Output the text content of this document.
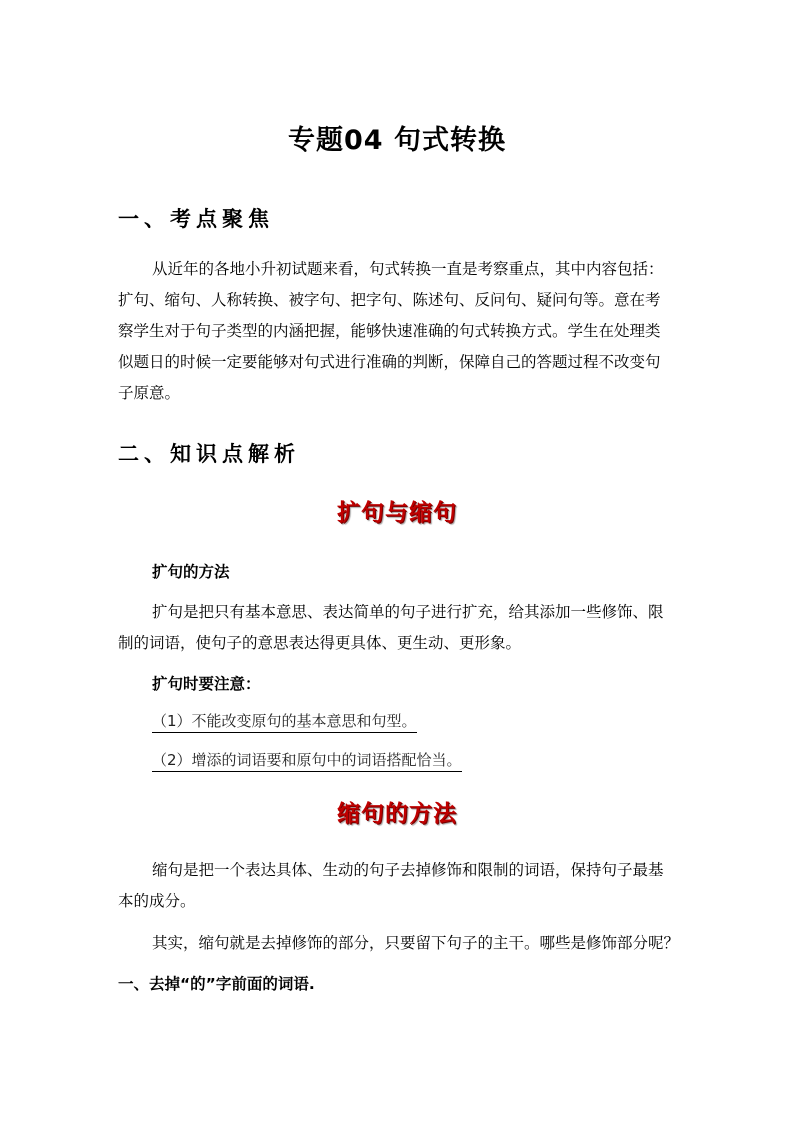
专题04 句式转换
一、考点聚焦
从近年的各地小升初试题来看，句式转换一直是考察重点，其中内容包括：
扩句、缩句、人称转换、被字句、把字句、陈述句、反问句、疑问句等。意在考
察学生对于句子类型的内涵把握，能够快速准确的句式转换方式。学生在处理类
似题日的时候一定要能够对句式进行准确的判断，保障自己的答题过程不改变句
子原意。
二、知识点解析
扩句与缩句
扩句的方法
扩句是把只有基本意思、表达简单的句子进行扩充，给其添加一些修饰、限
制的词语，使句子的意思表达得更具体、更生动、更形象。
扩句时要注意：
（1）不能改变原句的基本意思和句型。
（2）增添的词语要和原句中的词语搭配恰当。
缩句的方法
缩句是把一个表达具体、生动的句子去掉修饰和限制的词语，保持句子最基
本的成分。
其实，缩句就是去掉修饰的部分，只要留下句子的主干。哪些是修饰部分呢？
一、去掉“的”字前面的词语.
